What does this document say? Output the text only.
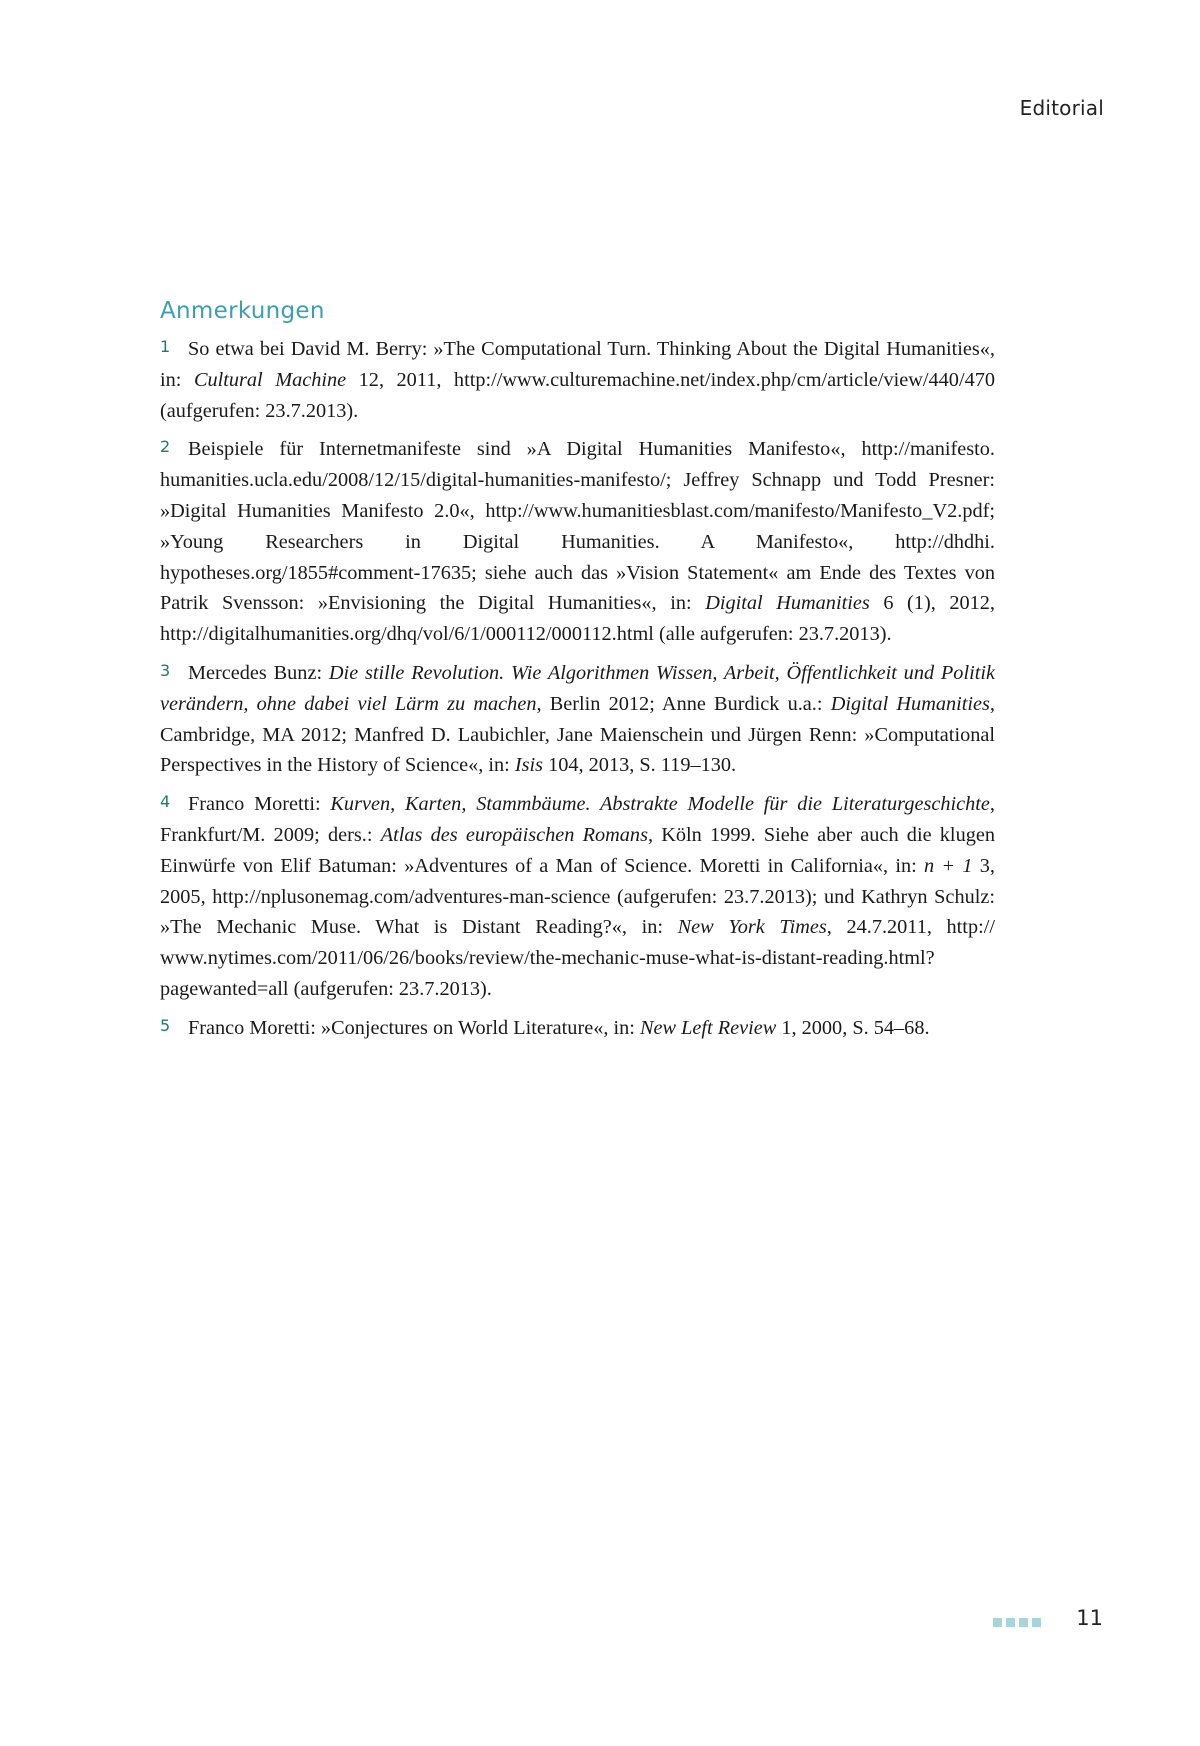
Editorial
Anmerkungen

1 So etwa bei David M. Berry: »The Computational Turn. Thinking About the Digital Humanities«, in: Cultural Machine 12, 2011, http://www.culturemachine.net/index.php/cm/article/view/​440/470 (aufgerufen: 23.7.2013).

2 Beispiele für Internetmanifeste sind »A Digital Humanities Manifesto«, http://manifesto.​humanities.ucla.edu/2008/12/15/digital-humanities-manifesto/; Jeffrey Schnapp und Todd Presner: »Digital Humanities Manifesto 2.0«, http://www.humanitiesblast.com/manifesto/​Manifesto_V2.pdf; »Young Researchers in Digital Humanities. A Manifesto«, http://dhdhi.​hypotheses.org/1855#comment-17635; siehe auch das »Vision Statement« am Ende des Textes von Patrik Svensson: »Envisioning the Digital Humanities«, in: Digital Humanities 6 (1), 2012, http://digitalhumanities.org/dhq/vol/6/1/000112/000112.html (alle aufgerufen: 23.7.2013).

3 Mercedes Bunz: Die stille Revolution. Wie Algorithmen Wissen, Arbeit, Öffentlichkeit und Politik verändern, ohne dabei viel Lärm zu machen, Berlin 2012; Anne Burdick u.a.: Digital Humanities, Cambridge, MA 2012; Manfred D. Laubichler, Jane Maienschein und Jürgen Renn: »Computational Perspectives in the History of Science«, in: Isis 104, 2013, S. 119–130.

4 Franco Moretti: Kurven, Karten, Stammbäume. Abstrakte Modelle für die Literaturgeschichte, Frankfurt/M. 2009; ders.: Atlas des europäischen Romans, Köln 1999. Siehe aber auch die klugen Einwürfe von Elif Batuman: »Adventures of a Man of Science. Moretti in California«, in: n + 1 3, 2005, http://nplusonemag.com/adventures-man-science (aufgerufen: 23.7.2013); und Kathryn Schulz: »The Mechanic Muse. What is Distant Reading?«, in: New York Times, 24.7.2011, http://​www.nytimes.com/2011/06/26/books/review/the-mechanic-muse-what-is-distant-reading.​html?pagewanted=all (aufgerufen: 23.7.2013).

5 Franco Moretti: »Conjectures on World Literature«, in: New Left Review 1, 2000, S. 54–68.

11
